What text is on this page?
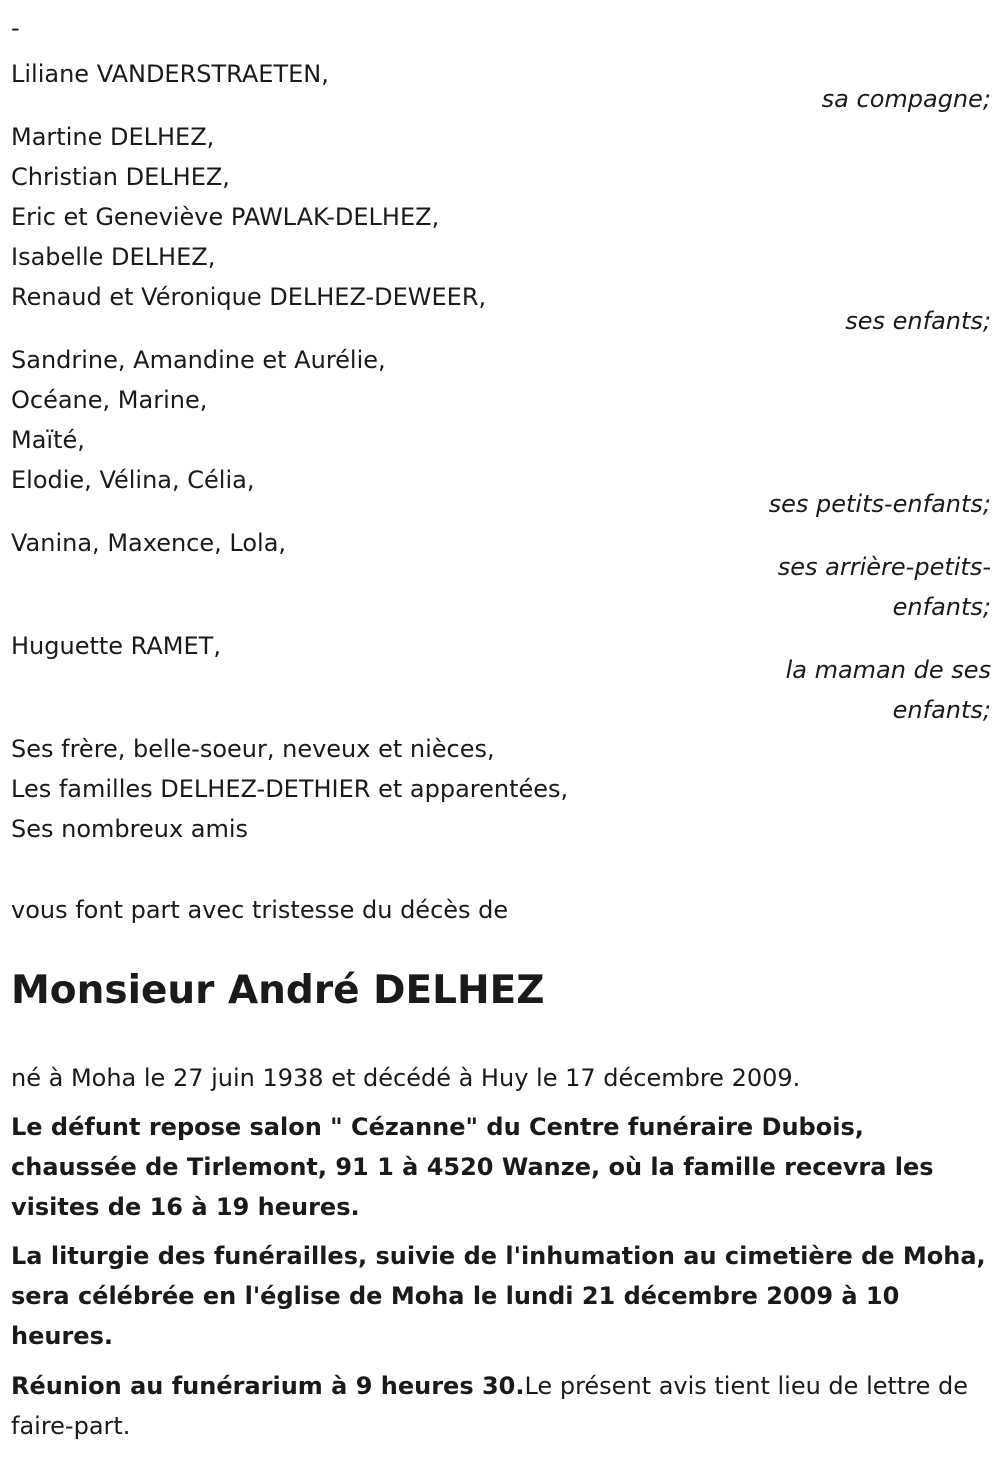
-
Liliane VANDERSTRAETEN,
sa compagne;
Martine DELHEZ,
Christian DELHEZ,
Eric et Geneviève PAWLAK-DELHEZ,
Isabelle DELHEZ,
Renaud et Véronique DELHEZ-DEWEER,
ses enfants;
Sandrine, Amandine et Aurélie,
Océane, Marine,
Maïté,
Elodie, Vélina, Célia,
ses petits-enfants;
Vanina, Maxence, Lola,
ses arrière-petits-
enfants;
Huguette RAMET,
la maman de ses
enfants;
Ses frère, belle-soeur, neveux et nièces,
Les familles DELHEZ-DETHIER et apparentées,
Ses nombreux amis
vous font part avec tristesse du décès de
Monsieur André DELHEZ
né à Moha le 27 juin 1938 et décédé à Huy le 17 décembre 2009.
Le défunt repose salon " Cézanne" du Centre funéraire Dubois, chaussée de Tirlemont, 91 1 à 4520 Wanze, où la famille recevra les visites de 16 à 19 heures.
La liturgie des funérailles, suivie de l'inhumation au cimetière de Moha, sera célébrée en l'église de Moha le lundi 21 décembre 2009 à 10 heures.
Réunion au funérarium à 9 heures 30.Le présent avis tient lieu de lettre de faire-part.
